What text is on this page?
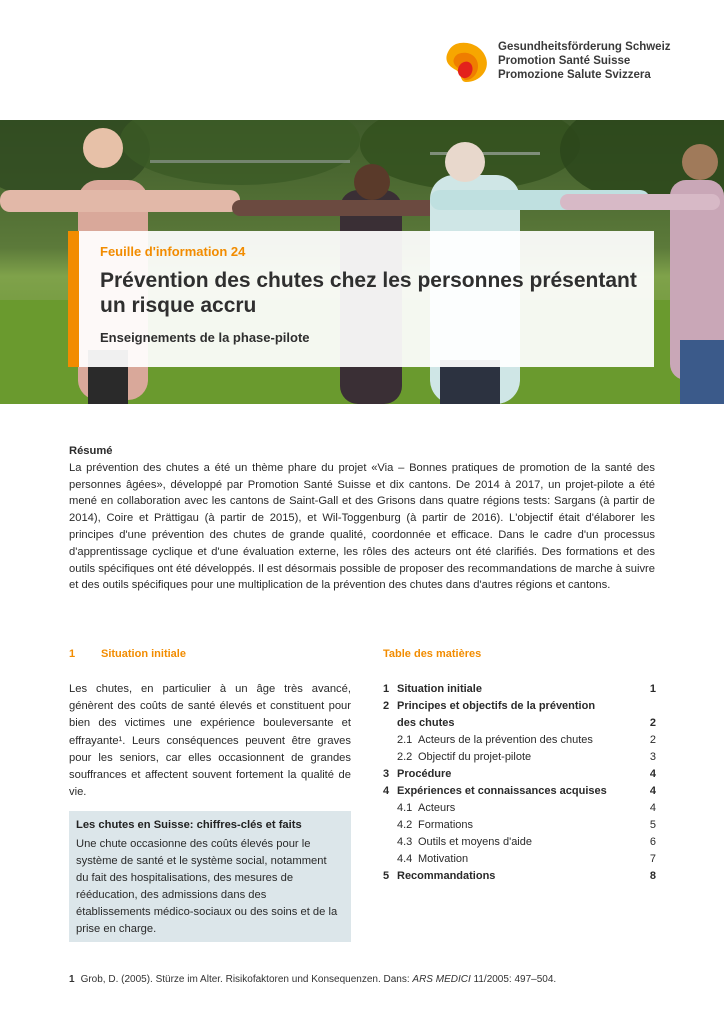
Gesundheitsförderung Schweiz
Promotion Santé Suisse
Promozione Salute Svizzera
Feuille d'information 24
Prévention des chutes chez les personnes présentant un risque accru
Enseignements de la phase-pilote
Résumé
La prévention des chutes a été un thème phare du projet «Via – Bonnes pratiques de promotion de la santé des personnes âgées», développé par Promotion Santé Suisse et dix cantons. De 2014 à 2017, un projet-pilote a été mené en collaboration avec les cantons de Saint-Gall et des Grisons dans quatre régions tests: Sargans (à partir de 2014), Coire et Prättigau (à partir de 2015), et Wil-Toggenburg (à partir de 2016). L'objectif était d'élaborer les principes d'une prévention des chutes de grande qualité, coordonnée et efficace. Dans le cadre d'un processus d'apprentissage cyclique et d'une évaluation externe, les rôles des acteurs ont été clarifiés. Des formations et des outils spécifiques ont été développés. Il est désormais possible de proposer des recommandations de marche à suivre et des outils spécifiques pour une multiplication de la prévention des chutes dans d'autres régions et cantons.
1 Situation initiale
Les chutes, en particulier à un âge très avancé, génèrent des coûts de santé élevés et constituent pour bien des victimes une expérience bouleversante et effrayante¹. Leurs conséquences peuvent être graves pour les seniors, car elles occasionnent de grandes souffrances et affectent souvent fortement la qualité de vie.
Les chutes en Suisse: chiffres-clés et faits
Une chute occasionne des coûts élevés pour le système de santé et le système social, notamment du fait des hospitalisations, des mesures de rééducation, des admissions dans des établissements médico-sociaux ou des soins et de la prise en charge.
Table des matières
1 Situation initiale	1
2 Principes et objectifs de la prévention
des chutes	2
2.1 Acteurs de la prévention des chutes	2
2.2 Objectif du projet-pilote	3
3 Procédure	4
4 Expériences et connaissances acquises	4
4.1 Acteurs	4
4.2 Formations	5
4.3 Outils et moyens d'aide	6
4.4 Motivation	7
5 Recommandations	8
1 Grob, D. (2005). Stürze im Alter. Risikofaktoren und Konsequenzen. Dans: ARS MEDICI 11/2005: 497–504.
